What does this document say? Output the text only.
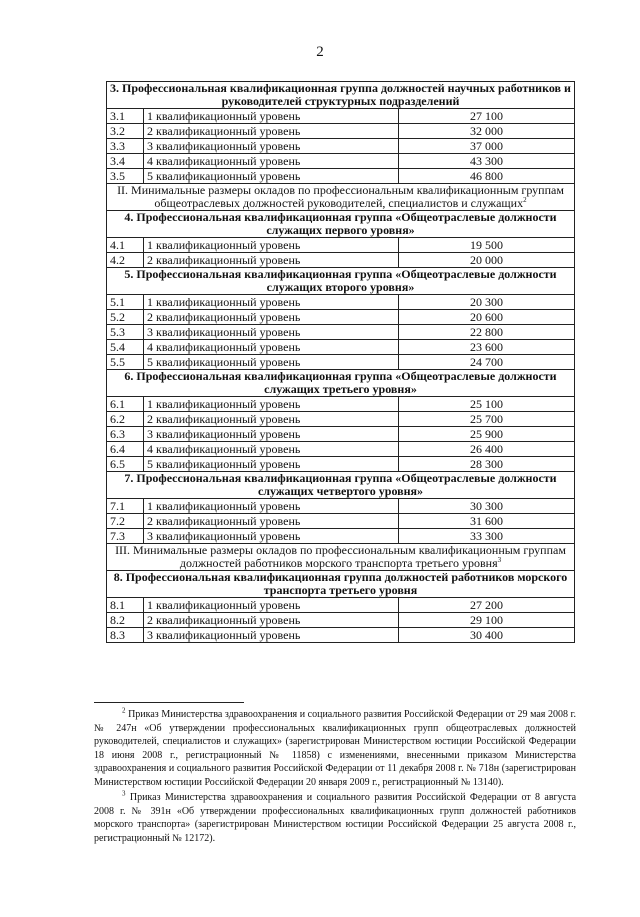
2
3. Профессиональная квалификационная группа должностей научных работников и руководителей структурных подразделений		
3.1	1 квалификационный уровень	27 100
3.2	2 квалификационный уровень	32 000
3.3	3 квалификационный уровень	37 000
3.4	4 квалификационный уровень	43 300
3.5	5 квалификационный уровень	46 800
II. Минимальные размеры окладов по профессиональным квалификационным группам общеотраслевых должностей руководителей, специалистов и служащих$^2$
4. Профессиональная квалификационная группа «Общеотраслевые должности служащих первого уровня»		
4.1	1 квалификационный уровень	19 500
4.2	2 квалификационный уровень	20 000
5. Профессиональная квалификационная группа «Общеотраслевые должности служащих второго уровня»		
5.1	1 квалификационный уровень	20 300
5.2	2 квалификационный уровень	20 600
5.3	3 квалификационный уровень	22 800
5.4	4 квалификационный уровень	23 600
5.5	5 квалификационный уровень	24 700
6. Профессиональная квалификационная группа «Общеотраслевые должности служащих третьего уровня»		
6.1	1 квалификационный уровень	25 100
6.2	2 квалификационный уровень	25 700
6.3	3 квалификационный уровень	25 900
6.4	4 квалификационный уровень	26 400
6.5	5 квалификационный уровень	28 300
7. Профессиональная квалификационная группа «Общеотраслевые должности служащих четвертого уровня»		
7.1	1 квалификационный уровень	30 300
7.2	2 квалификационный уровень	31 600
7.3	3 квалификационный уровень	33 300
III. Минимальные размеры окладов по профессиональным квалификационным группам должностей работников морского транспорта третьего уровня$^3$
8. Профессиональная квалификационная группа должностей работников морского транспорта третьего уровня		
8.1	1 квалификационный уровень	27 200
8.2	2 квалификационный уровень	29 100
8.3	3 квалификационный уровень	30 400

$^2$ Приказ Министерства здравоохранения и социального развития Российской Федерации от 29 мая 2008 г. № 247н «Об утверждении профессиональных квалификационных групп общеотраслевых должностей руководителей, специалистов и служащих» (зарегистрирован Министерством юстиции Российской Федерации 18 июня 2008 г., регистрационный № 11858) с изменениями, внесенными приказом Министерства здравоохранения и социального развития Российской Федерации от 11 декабря 2008 г. № 718н (зарегистрирован Министерством юстиции Российской Федерации 20 января 2009 г., регистрационный № 13140).

$^3$ Приказ Министерства здравоохранения и социального развития Российской Федерации от 8 августа 2008 г. № 391н «Об утверждении профессиональных квалификационных групп должностей работников морского транспорта» (зарегистрирован Министерством юстиции Российской Федерации 25 августа 2008 г., регистрационный № 12172).
